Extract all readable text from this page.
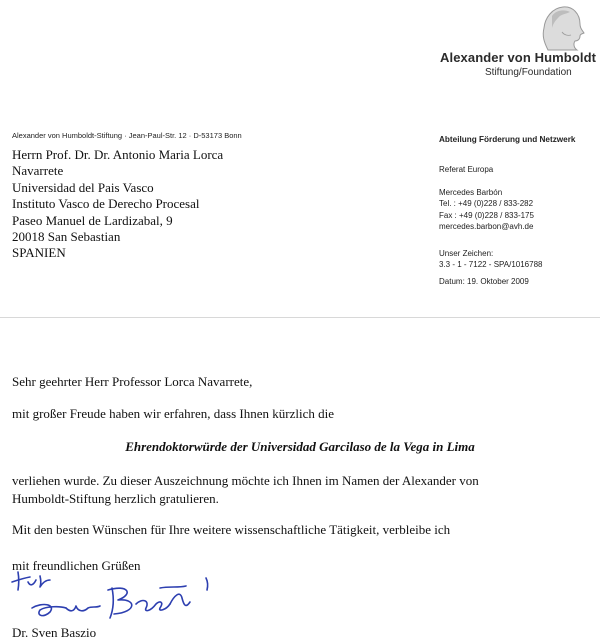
Alexander von Humboldt
Stiftung/Foundation
Alexander von Humboldt-Stiftung · Jean-Paul-Str. 12 · D-53173 Bonn
Herrn Prof. Dr. Dr. Antonio Maria Lorca
Navarrete
Universidad del Pais Vasco
Instituto Vasco de Derecho Procesal
Paseo Manuel de Lardizabal, 9
20018 San Sebastian
SPANIEN
Abteilung Förderung und Netzwerk
Referat Europa
Mercedes Barbón
Tel. : +49 (0)228 / 833-282
Fax : +49 (0)228 / 833-175
mercedes.barbon@avh.de
Unser Zeichen:
3.3 - 1 - 7122 - SPA/1016788
Datum: 19. Oktober 2009
Sehr geehrter Herr Professor Lorca Navarrete,
mit großer Freude haben wir erfahren, dass Ihnen kürzlich die
Ehrendoktorwürde der Universidad Garcilaso de la Vega in Lima
verliehen wurde. Zu dieser Auszeichnung möchte ich Ihnen im Namen der Alexander von
Humboldt-Stiftung herzlich gratulieren.
Mit den besten Wünschen für Ihre weitere wissenschaftliche Tätigkeit, verbleibe ich
mit freundlichen Grüßen
Dr. Sven Baszio
